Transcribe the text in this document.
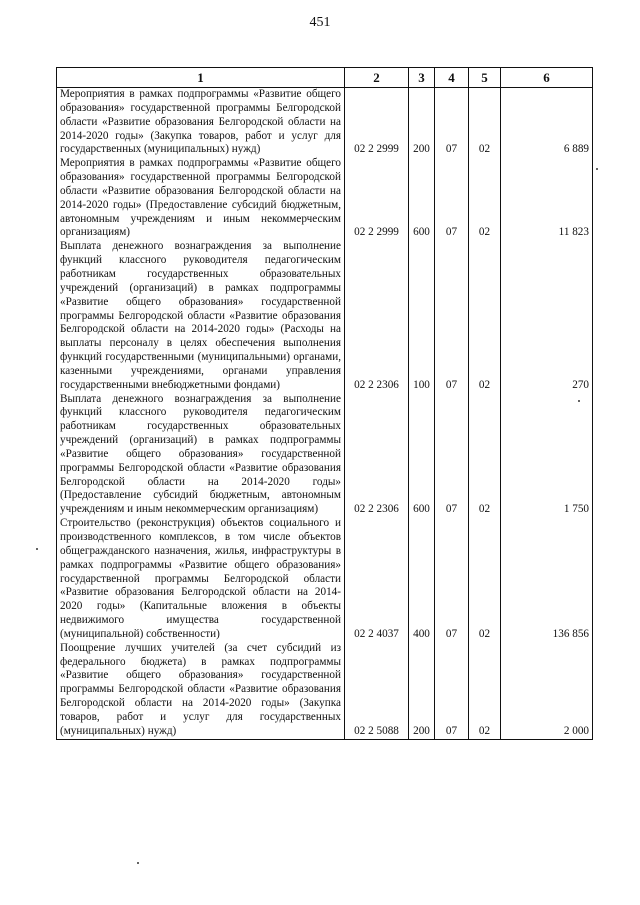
451
1	2	3	4	5	6
Мероприятия в рамках подпрограммы «Развитие общего образования» государственной программы Белгородской области «Развитие образования Белгородской области на 2014-2020 годы» (Закупка товаров, работ и услуг для государственных (муниципальных) нужд)	02 2 2999	200	07	02	6 889
Мероприятия в рамках подпрограммы «Развитие общего образования» государственной программы Белгородской области «Развитие образования Белгородской области на 2014-2020 годы» (Предоставление субсидий бюджетным, автономным учреждениям и иным некоммерческим организациям)	02 2 2999	600	07	02	11 823
Выплата денежного вознаграждения за выполнение функций классного руководителя педагогическим работникам государственных образовательных учреждений (организаций) в рамках подпрограммы «Развитие общего образования» государственной программы Белгородской области «Развитие образования Белгородской области на 2014-2020 годы» (Расходы на выплаты персоналу в целях обеспечения выполнения функций государственными (муниципальными) органами, казенными учреждениями, органами управления государственными внебюджетными фондами)	02 2 2306	100	07	02	270
Выплата денежного вознаграждения за выполнение функций классного руководителя педагогическим работникам государственных образовательных учреждений (организаций) в рамках подпрограммы «Развитие общего образования» государственной программы Белгородской области «Развитие образования Белгородской области на 2014-2020 годы» (Предоставление субсидий бюджетным, автономным учреждениям и иным некоммерческим организациям)	02 2 2306	600	07	02	1 750
Строительство (реконструкция) объектов социального и производственного комплексов, в том числе объектов общегражданского назначения, жилья, инфраструктуры в рамках подпрограммы «Развитие общего образования» государственной программы Белгородской области «Развитие образования Белгородской области на 2014-2020 годы» (Капитальные вложения в объекты недвижимого имущества государственной (муниципальной) собственности)	02 2 4037	400	07	02	136 856
Поощрение лучших учителей (за счет субсидий из федерального бюджета) в рамках подпрограммы «Развитие общего образования» государственной программы Белгородской области «Развитие образования Белгородской области на 2014-2020 годы» (Закупка товаров, работ и услуг для государственных (муниципальных) нужд)	02 2 5088	200	07	02	2 000
